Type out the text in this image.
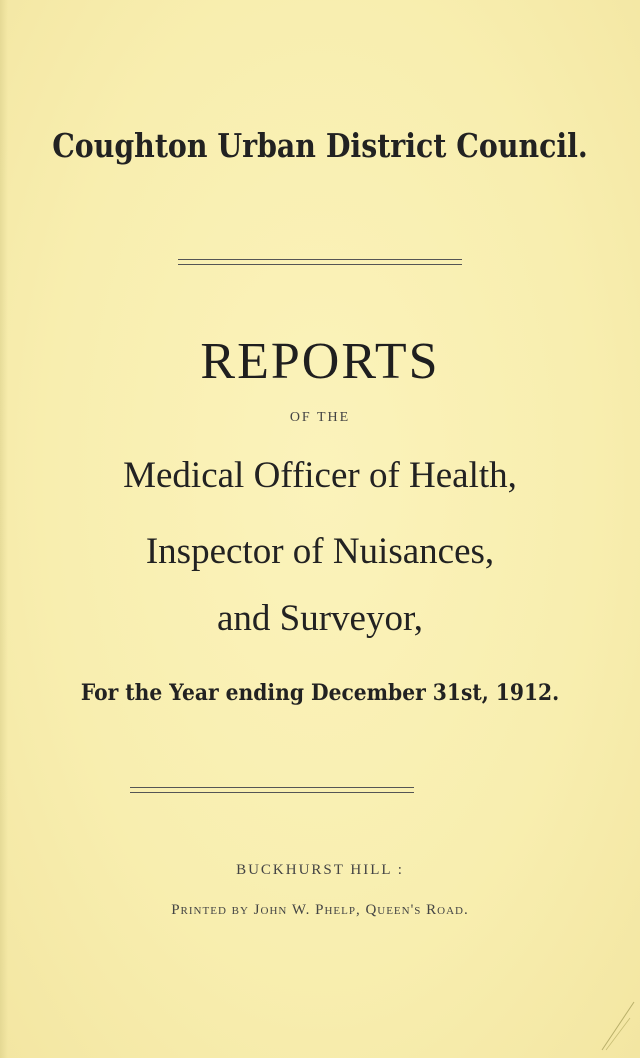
Coughton Urban District Council.
REPORTS
OF THE
Medical Officer of Health,
Inspector of Nuisances,
and Surveyor,
For the Year ending December 31st, 1912.
BUCKHURST HILL :
Printed by John W. Phelp, Queen's Road.
